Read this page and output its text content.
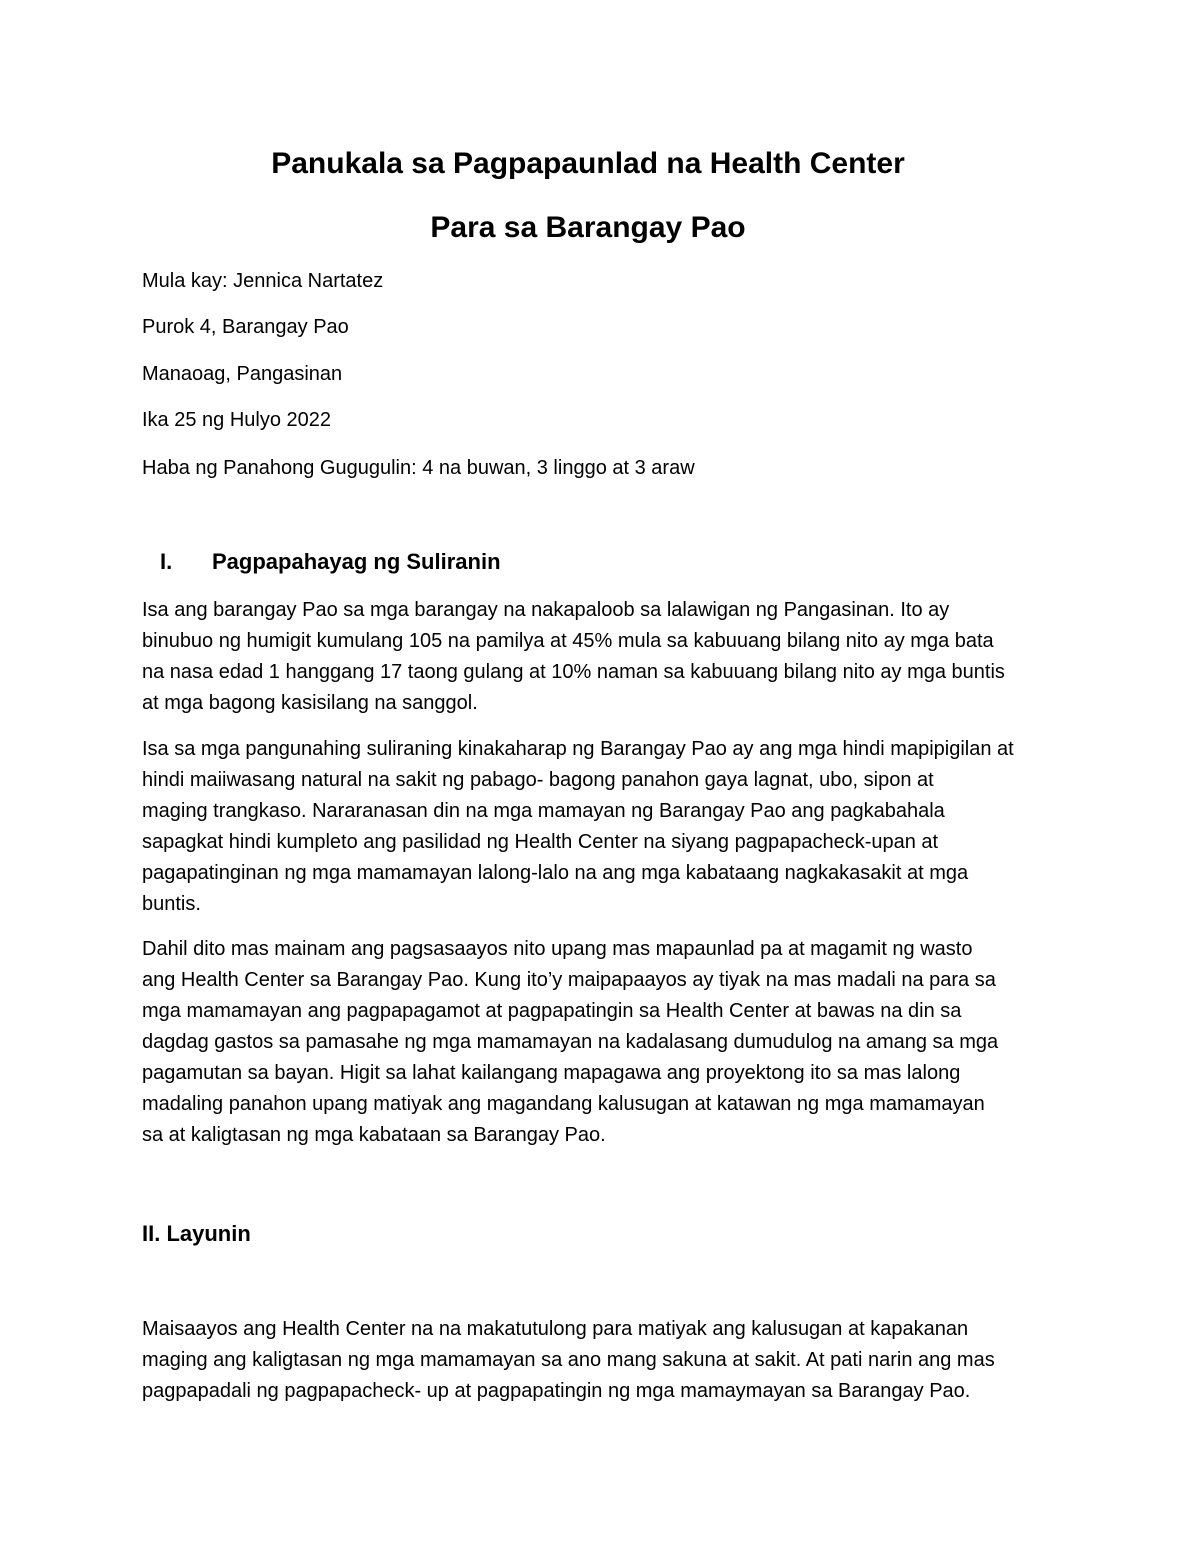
Panukala sa Pagpapaunlad na Health Center
Para sa Barangay Pao

Mula kay: Jennica Nartatez

Purok 4, Barangay Pao

Manaoag, Pangasinan

Ika 25 ng Hulyo 2022

Haba ng Panahong Gugugulin: 4 na buwan, 3 linggo at 3 araw

I. Pagpapahayag ng Suliranin
Isa ang barangay Pao sa mga barangay na nakapaloob sa lalawigan ng Pangasinan. Ito ay
binubuo ng humigit kumulang 105 na pamilya at 45% mula sa kabuuang bilang nito ay mga bata
na nasa edad 1 hanggang 17 taong gulang at 10% naman sa kabuuang bilang nito ay mga buntis
at mga bagong kasisilang na sanggol.
Isa sa mga pangunahing suliraning kinakaharap ng Barangay Pao ay ang mga hindi mapipigilan at
hindi maiiwasang natural na sakit ng pabago- bagong panahon gaya lagnat, ubo, sipon at
maging trangkaso. Nararanasan din na mga mamayan ng Barangay Pao ang pagkabahala
sapagkat hindi kumpleto ang pasilidad ng Health Center na siyang pagpapacheck-upan at
pagapatinginan ng mga mamamayan lalong-lalo na ang mga kabataang nagkakasakit at mga
buntis.
Dahil dito mas mainam ang pagsasaayos nito upang mas mapaunlad pa at magamit ng wasto
ang Health Center sa Barangay Pao. Kung ito’y maipapaayos ay tiyak na mas madali na para sa
mga mamamayan ang pagpapagamot at pagpapatingin sa Health Center at bawas na din sa
dagdag gastos sa pamasahe ng mga mamamayan na kadalasang dumudulog na amang sa mga
pagamutan sa bayan. Higit sa lahat kailangang mapagawa ang proyektong ito sa mas lalong
madaling panahon upang matiyak ang magandang kalusugan at katawan ng mga mamamayan
sa at kaligtasan ng mga kabataan sa Barangay Pao.
II. Layunin
Maisaayos ang Health Center na na makatutulong para matiyak ang kalusugan at kapakanan
maging ang kaligtasan ng mga mamamayan sa ano mang sakuna at sakit. At pati narin ang mas
pagpapadali ng pagpapacheck- up at pagpapatingin ng mga mamaymayan sa Barangay Pao.
